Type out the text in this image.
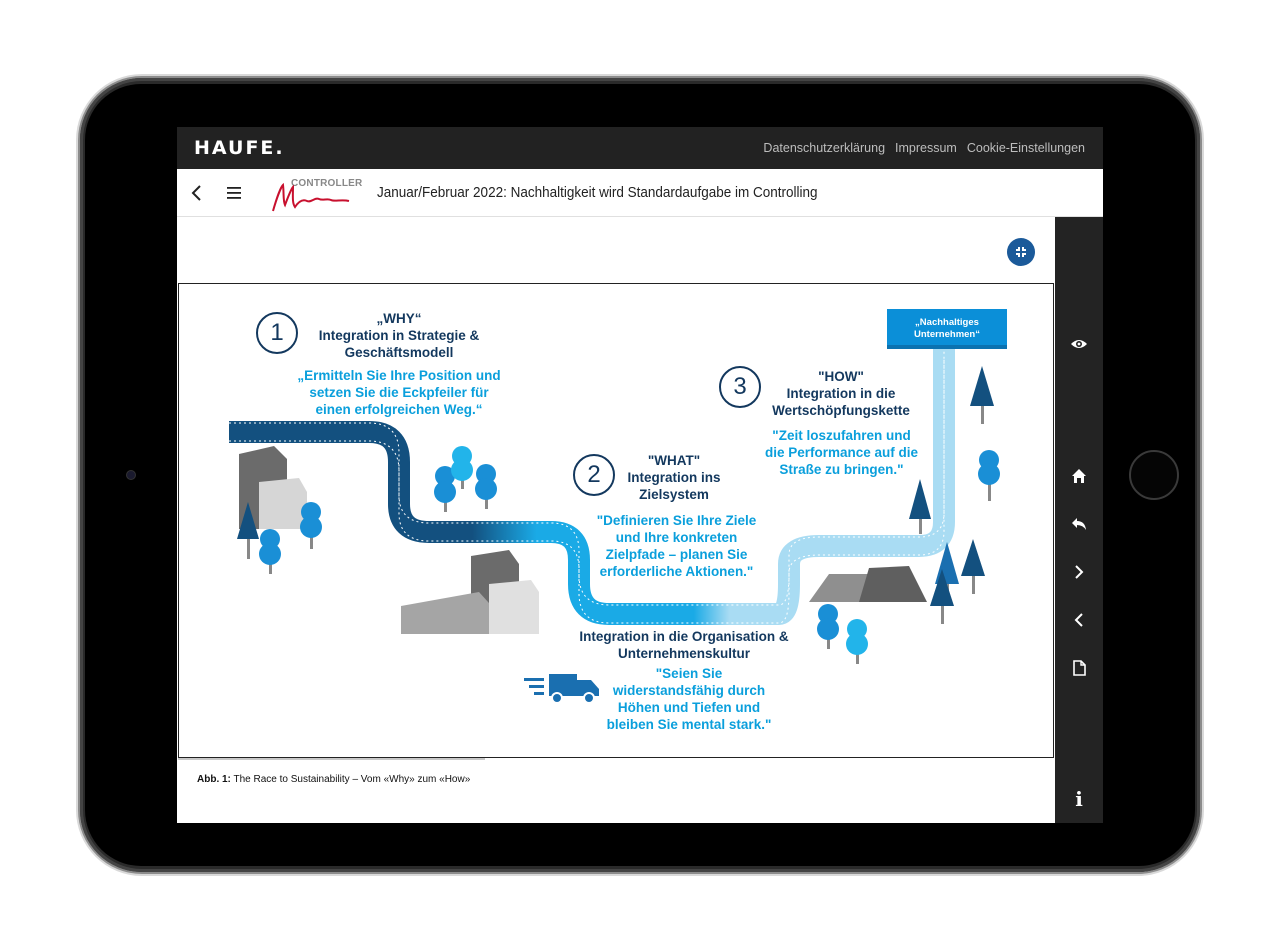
HAUFE.	Datenschutzerklärung Impressum Cookie-Einstellungen
CONTROLLER
Januar/Februar 2022: Nachhaltigkeit wird Standardaufgabe im Controlling
„Nachhaltiges Unternehmen“
1
„WHY“
Integration in Strategie &
Geschäftsmodell
„Ermitteln Sie Ihre Position und
setzen Sie die Eckpfeiler für
einen erfolgreichen Weg.“
2
"WHAT"
Integration ins
Zielsystem
"Definieren Sie Ihre Ziele
und Ihre konkreten
Zielpfade – planen Sie
erforderliche Aktionen."
3	"HOW"
Integration in die
Wertschöpfungskette
"Zeit loszufahren und
die Performance auf die
Straße zu bringen."
Integration in die Organisation &
Unternehmenskultur
"Seien Sie
widerstandsfähig durch
Höhen und Tiefen und
bleiben Sie mental stark."
Abb. 1: The Race to Sustainability – Vom «Why» zum «How»
i
